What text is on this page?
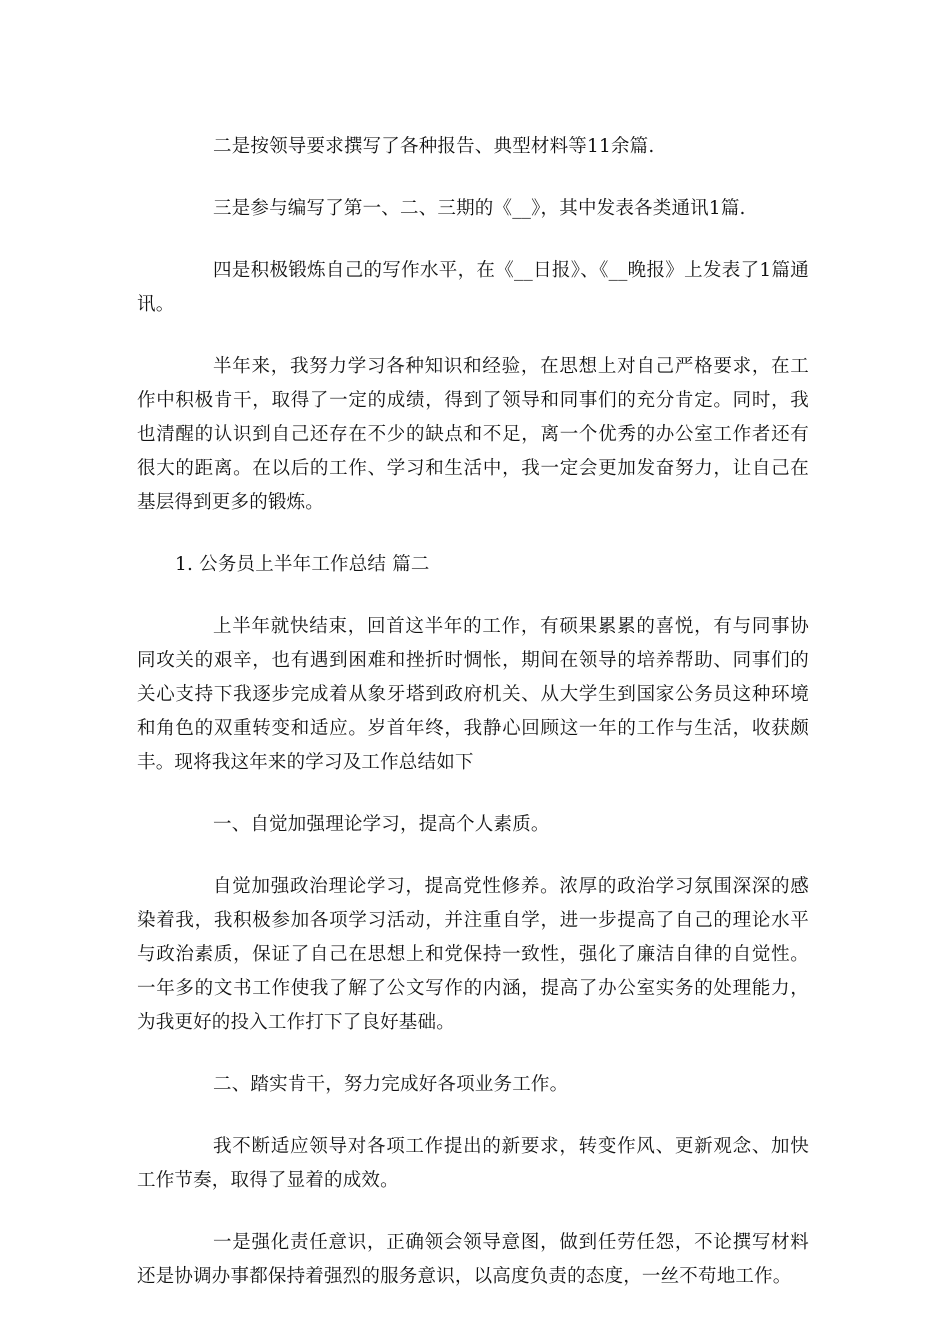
二是按领导要求撰写了各种报告、典型材料等11余篇.

三是参与编写了第一、二、三期的《__》，其中发表各类通讯1篇.

四是积极锻炼自己的写作水平，在《__日报》、《__晚报》上发表了1篇通讯。

半年来，我努力学习各种知识和经验，在思想上对自己严格要求，在工作中积极肯干，取得了一定的成绩，得到了领导和同事们的充分肯定。同时，我也清醒的认识到自己还存在不少的缺点和不足，离一个优秀的办公室工作者还有很大的距离。在以后的工作、学习和生活中，我一定会更加发奋努力，让自己在基层得到更多的锻炼。

1. 公务员上半年工作总结 篇二

上半年就快结束，回首这半年的工作，有硕果累累的喜悦，有与同事协同攻关的艰辛，也有遇到困难和挫折时惆怅，期间在领导的培养帮助、同事们的关心支持下我逐步完成着从象牙塔到政府机关、从大学生到国家公务员这种环境和角色的双重转变和适应。岁首年终，我静心回顾这一年的工作与生活，收获颇丰。现将我这年来的学习及工作总结如下

一、自觉加强理论学习，提高个人素质。

自觉加强政治理论学习，提高党性修养。浓厚的政治学习氛围深深的感染着我，我积极参加各项学习活动，并注重自学，进一步提高了自己的理论水平与政治素质，保证了自己在思想上和党保持一致性，强化了廉洁自律的自觉性。一年多的文书工作使我了解了公文写作的内涵，提高了办公室实务的处理能力，为我更好的投入工作打下了良好基础。

二、踏实肯干，努力完成好各项业务工作。

我不断适应领导对各项工作提出的新要求，转变作风、更新观念、加快工作节奏，取得了显着的成效。

一是强化责任意识，正确领会领导意图，做到任劳任怨，不论撰写材料还是协调办事都保持着强烈的服务意识，以高度负责的态度，一丝不苟地工作。
